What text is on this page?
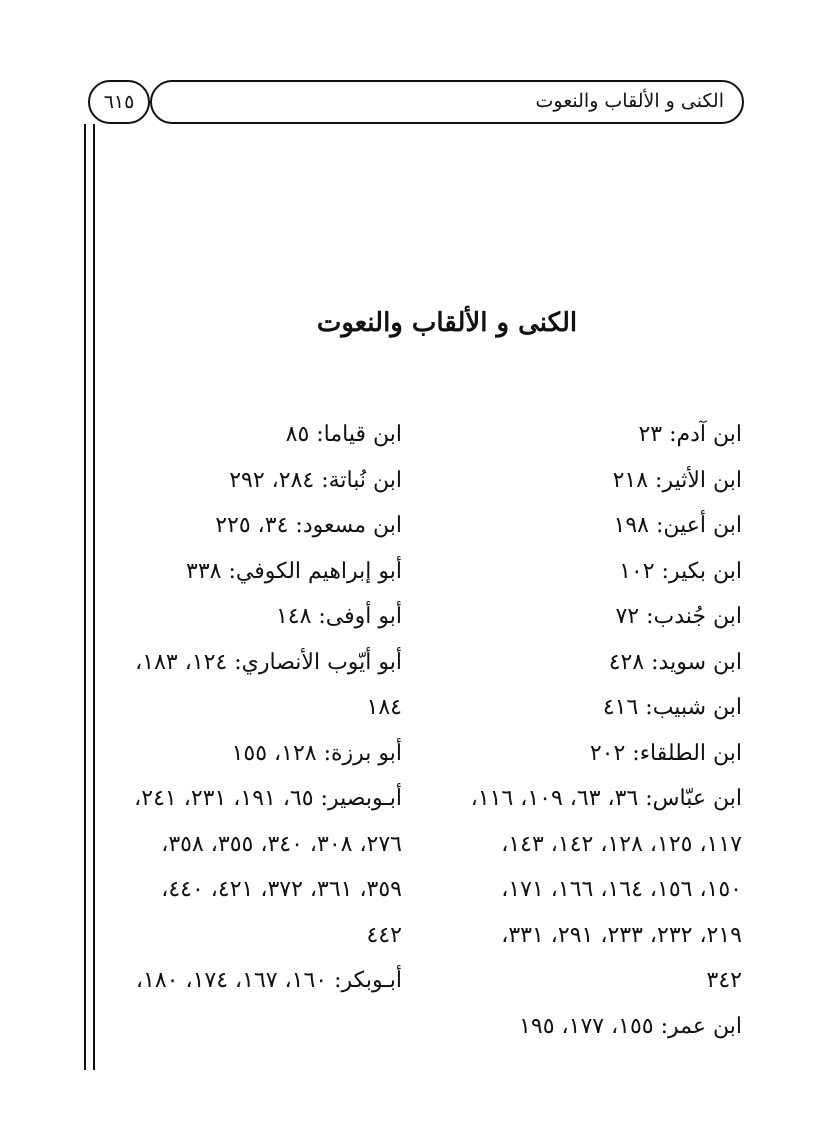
الكنى و الألقاب والنعوت
٦١٥
الكنى و الألقاب والنعوت
ابن آدم: ٢٣
ابن الأثير: ٢١٨
ابن أعين: ١٩٨
ابن بكير: ١٠٢
ابن جُندب: ٧٢
ابن سويد: ٤٢٨
ابن شبيب: ٤١٦
ابن الطلقاء: ٢٠٢
ابن عبّاس: ٣٦، ٦٣، ١٠٩، ١١٦،
١١٧، ١٢٥، ١٢٨، ١٤٢، ١٤٣،
١٥٠، ١٥٦، ١٦٤، ١٦٦، ١٧١،
٢١٩، ٢٣٢، ٢٣٣، ٢٩١، ٣٣١،
٣٤٢
ابن عمر: ١٥٥، ١٧٧، ١٩٥
ابن قياما: ٨٥
ابن نُباتة: ٢٨٤، ٢٩٢
ابن مسعود: ٣٤، ٢٢٥
أبو إبراهيم الكوفي: ٣٣٨
أبو أوفى: ١٤٨
أبو أيّوب الأنصاري: ١٢٤، ١٨٣،
١٨٤
أبو برزة: ١٢٨، ١٥٥
أبـوبصير: ٦٥، ١٩١، ٢٣١، ٢٤١،
٢٧٦، ٣٠٨، ٣٤٠، ٣٥٥، ٣٥٨،
٣٥٩، ٣٦١، ٣٧٢، ٤٢١، ٤٤٠،
٤٤٢
أبـوبكر: ١٦٠، ١٦٧، ١٧٤، ١٨٠،
